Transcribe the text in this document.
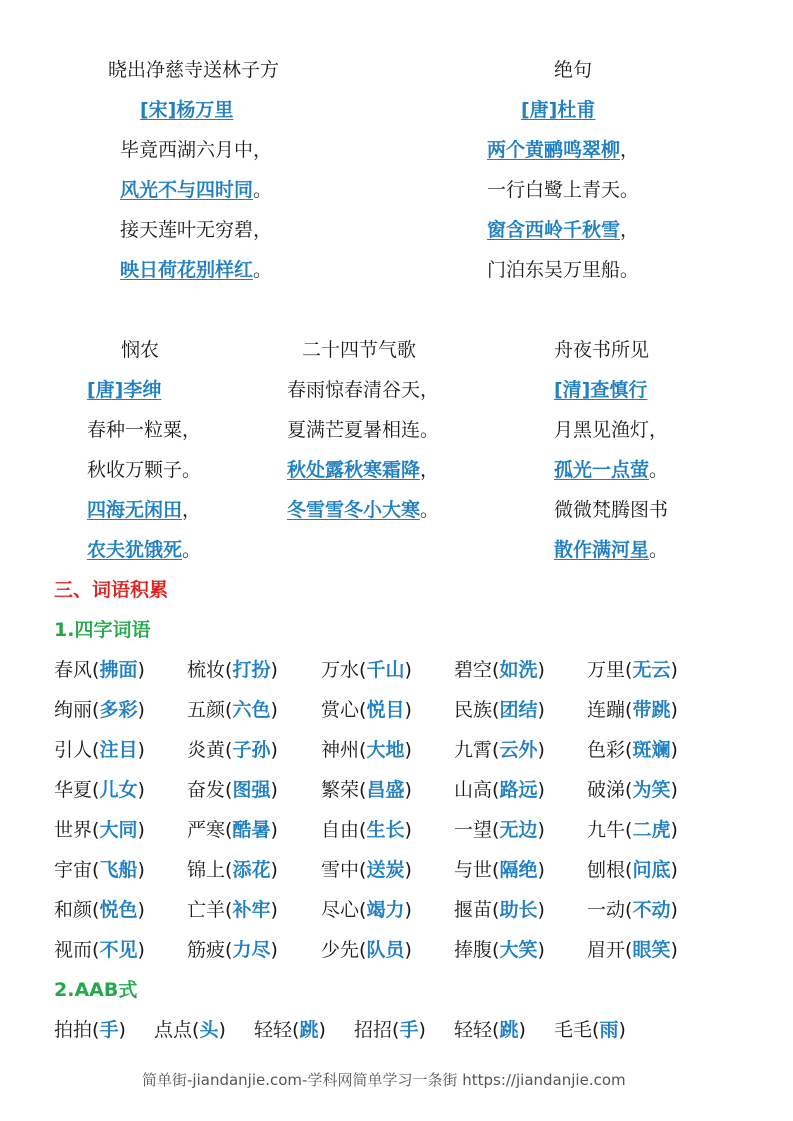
晓出净慈寺送林子方
[宋]杨万里
毕竟西湖六月中，
风光不与四时同。
接天莲叶无穷碧，
映日荷花别样红。
绝句
[唐]杜甫
两个黄鹂鸣翠柳，
一行白鹭上青天。
窗含西岭千秋雪，
门泊东吴万里船。
悯农
[唐]李绅
春种一粒粟，
秋收万颗子。
四海无闲田，
农夫犹饿死。
二十四节气歌
春雨惊春清谷天，
夏满芒夏暑相连。
秋处露秋寒霜降，
冬雪雪冬小大寒。
舟夜书所见
[清]查慎行
月黑见渔灯，
孤光一点萤。
微微梵腾图书
散作满河星。
三、词语积累
1.四字词语
春风(拂面) 梳妆(打扮) 万水(千山) 碧空(如洗) 万里(无云)
绚丽(多彩) 五颜(六色) 赏心(悦目) 民族(团结) 连蹦(带跳)
引人(注目) 炎黄(子孙) 神州(大地) 九霄(云外) 色彩(斑斓)
华夏(儿女) 奋发(图强) 繁荣(昌盛) 山高(路远) 破涕(为笑)
世界(大同) 严寒(酷暑) 自由(生长) 一望(无边) 九牛(二虎)
宇宙(飞船) 锦上(添花) 雪中(送炭) 与世(隔绝) 刨根(问底)
和颜(悦色) 亡羊(补牢) 尽心(竭力) 揠苗(助长) 一动(不动)
视而(不见) 筋疲(力尽) 少先(队员) 捧腹(大笑) 眉开(眼笑)
2.AAB式
拍拍(手) 点点(头) 轻轻(跳) 招招(手) 轻轻(跳) 毛毛(雨)
简单街-jiandanjie.com-学科网简单学习一条街 https://jiandanjie.com
